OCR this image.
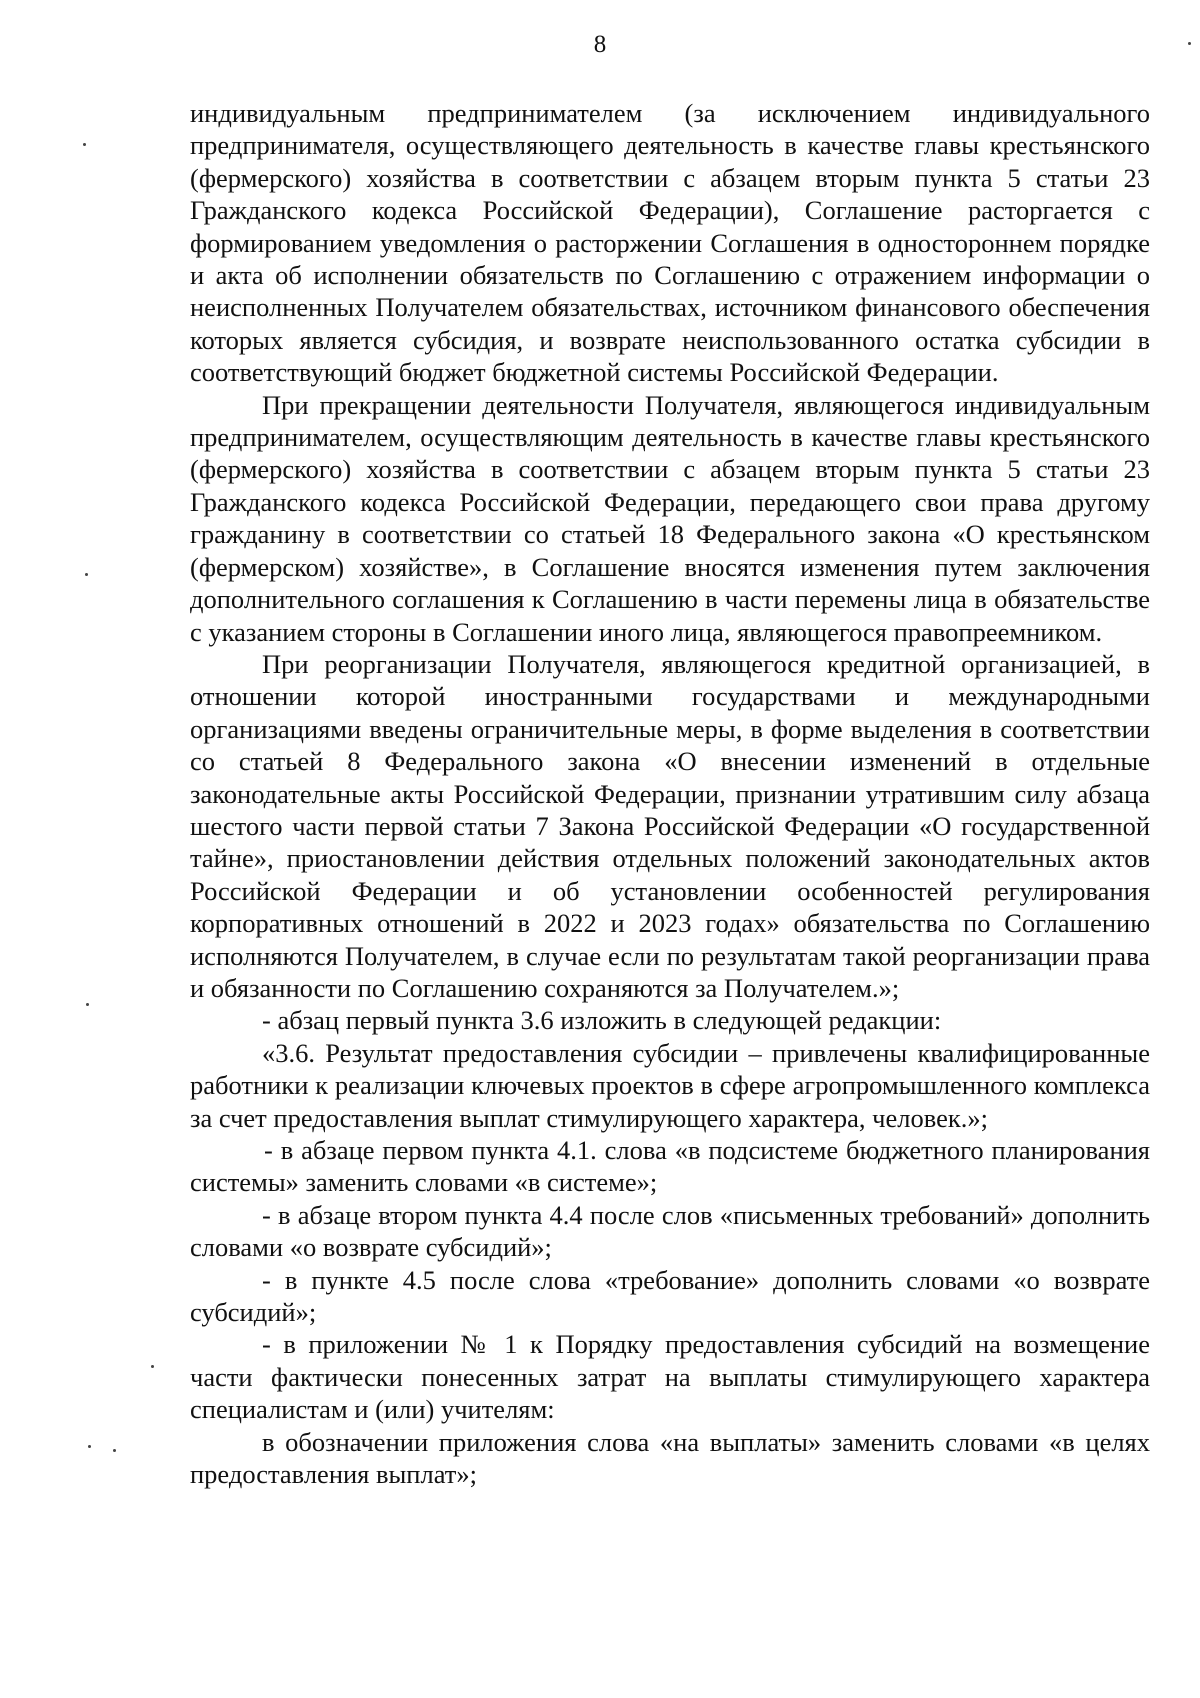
8

индивидуальным предпринимателем (за исключением индивидуального предпринимателя, осуществляющего деятельность в качестве главы крестьянского (фермерского) хозяйства в соответствии с абзацем вторым пункта 5 статьи 23 Гражданского кодекса Российской Федерации), Соглашение расторгается с формированием уведомления о расторжении Соглашения в одностороннем порядке и акта об исполнении обязательств по Соглашению с отражением информации о неисполненных Получателем обязательствах, источником финансового обеспечения которых является субсидия, и возврате неиспользованного остатка субсидии в соответствующий бюджет бюджетной системы Российской Федерации.

При прекращении деятельности Получателя, являющегося индивидуальным предпринимателем, осуществляющим деятельность в качестве главы крестьянского (фермерского) хозяйства в соответствии с абзацем вторым пункта 5 статьи 23 Гражданского кодекса Российской Федерации, передающего свои права другому гражданину в соответствии со статьей 18 Федерального закона «О крестьянском (фермерском) хозяйстве», в Соглашение вносятся изменения путем заключения дополнительного соглашения к Соглашению в части перемены лица в обязательстве с указанием стороны в Соглашении иного лица, являющегося правопреемником.

При реорганизации Получателя, являющегося кредитной организацией, в отношении которой иностранными государствами и международными организациями введены ограничительные меры, в форме выделения в соответствии со статьей 8 Федерального закона «О внесении изменений в отдельные законодательные акты Российской Федерации, признании утратившим силу абзаца шестого части первой статьи 7 Закона Российской Федерации «О государственной тайне», приостановлении действия отдельных положений законодательных актов Российской Федерации и об установлении особенностей регулирования корпоративных отношений в 2022 и 2023 годах» обязательства по Соглашению исполняются Получателем, в случае если по результатам такой реорганизации права и обязанности по Соглашению сохраняются за Получателем.»;

- абзац первый пункта 3.6 изложить в следующей редакции:

«3.6. Результат предоставления субсидии – привлечены квалифицированные работники к реализации ключевых проектов в сфере агропромышленного комплекса за счет предоставления выплат стимулирующего характера, человек.»;

- в абзаце первом пункта 4.1. слова «в подсистеме бюджетного планирования системы» заменить словами «в системе»;

- в абзаце втором пункта 4.4 после слов «письменных требований» дополнить словами «о возврате субсидий»;

- в пункте 4.5 после слова «требование» дополнить словами «о возврате субсидий»;

- в приложении № 1 к Порядку предоставления субсидий на возмещение части фактически понесенных затрат на выплаты стимулирующего характера специалистам и (или) учителям:

в обозначении приложения слова «на выплаты» заменить словами «в целях предоставления выплат»;
